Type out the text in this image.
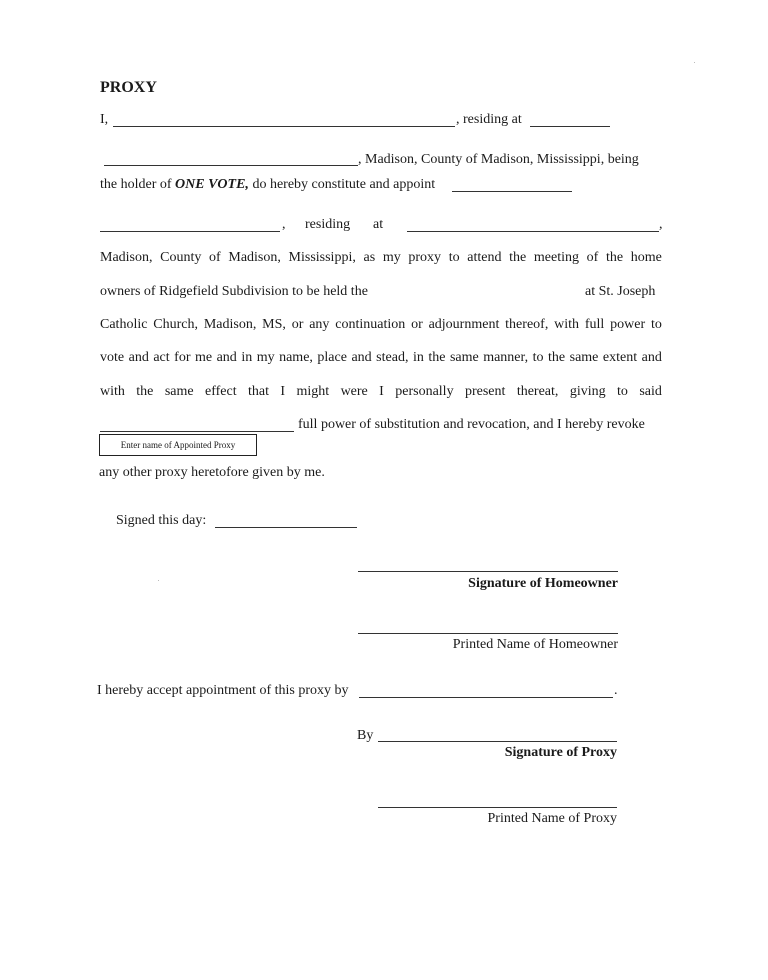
PROXY
I,	, residing at
, Madison, County of Madison, Mississippi, being
the holder of ONE VOTE, do hereby constitute and appoint
, residing at	,
Madison, County of Madison, Mississippi, as my proxy to attend the meeting of the home
owners of Ridgefield Subdivision to be held the	at St. Joseph
Catholic Church, Madison, MS, or any continuation or adjournment thereof, with full power to
vote and act for me and in my name, place and stead, in the same manner, to the same extent and
with the same effect that I might were I personally present thereat, giving to said
full power of substitution and revocation, and I hereby revoke
Enter name of Appointed Proxy
any other proxy heretofore given by me.
Signed this day:
Signature of Homeowner
Printed Name of Homeowner
I hereby accept appointment of this proxy by	.
By
Signature of Proxy
Printed Name of Proxy
